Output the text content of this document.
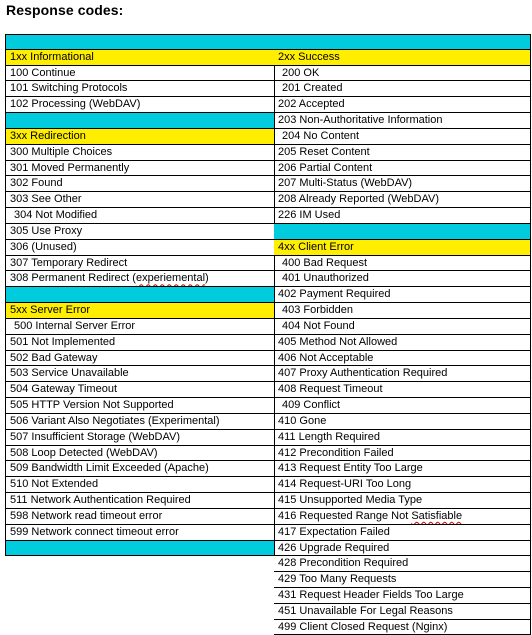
Response codes:
1xx Informational
100 Continue
101 Switching Protocols
102 Processing (WebDAV)
3xx Redirection
300 Multiple Choices
301 Moved Permanently
302 Found
303 See Other
304 Not Modified
305 Use Proxy
306 (Unused)
307 Temporary Redirect
308 Permanent Redirect (experiemental)
5xx Server Error
500 Internal Server Error
501 Not Implemented
502 Bad Gateway
503 Service Unavailable
504 Gateway Timeout
505 HTTP Version Not Supported
506 Variant Also Negotiates (Experimental)
507 Insufficient Storage (WebDAV)
508 Loop Detected (WebDAV)
509 Bandwidth Limit Exceeded (Apache)
510 Not Extended
511 Network Authentication Required
598 Network read timeout error
599 Network connect timeout error
2xx Success
200 OK
201 Created
202 Accepted
203 Non-Authoritative Information
204 No Content
205 Reset Content
206 Partial Content
207 Multi-Status (WebDAV)
208 Already Reported (WebDAV)
226 IM Used
4xx Client Error
400 Bad Request
401 Unauthorized
402 Payment Required
403 Forbidden
404 Not Found
405 Method Not Allowed
406 Not Acceptable
407 Proxy Authentication Required
408 Request Timeout
409 Conflict
410 Gone
411 Length Required
412 Precondition Failed
413 Request Entity Too Large
414 Request-URI Too Long
415 Unsupported Media Type
416 Requested Range Not Satisfiable
417 Expectation Failed
426 Upgrade Required
428 Precondition Required
429 Too Many Requests
431 Request Header Fields Too Large
451 Unavailable For Legal Reasons
499 Client Closed Request (Nginx)
